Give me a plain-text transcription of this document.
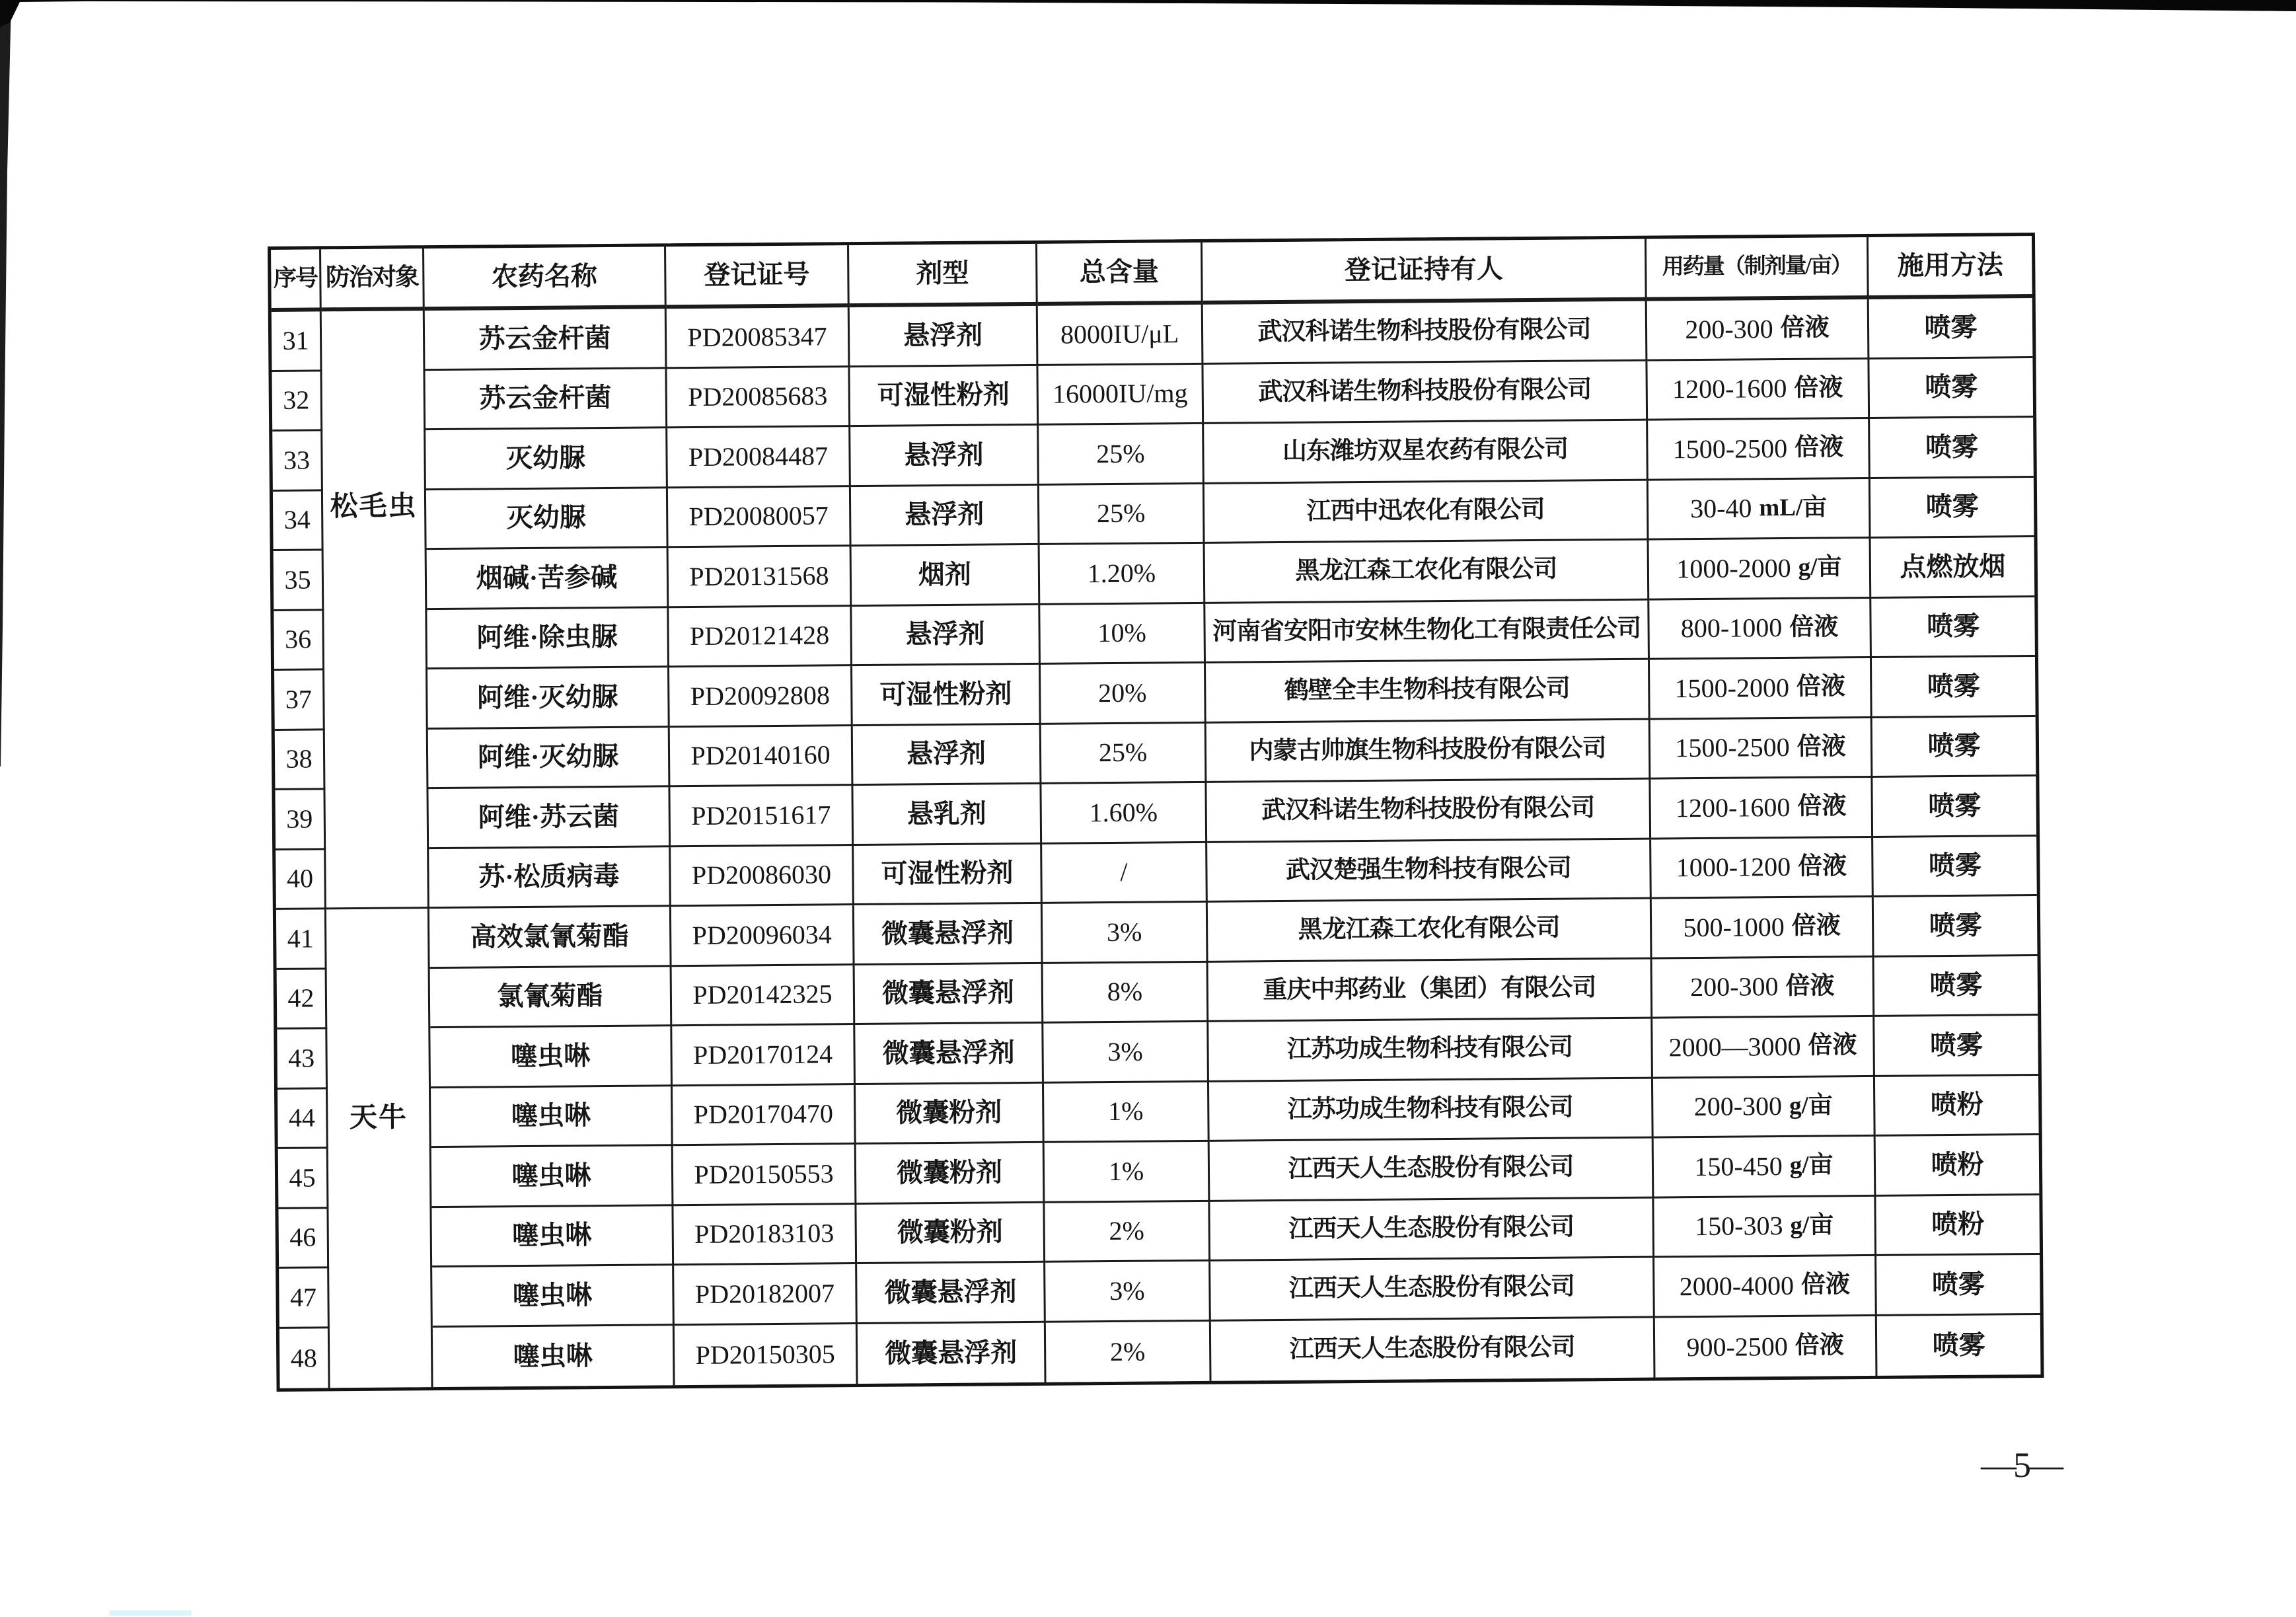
序号 防治对象	农药名称	登记证号	剂型	总含量	登记证持有人	用药量（制剂量/亩）	施用方法
松毛虫
31	苏云金杆菌	PD20085347	悬浮剂	8000IU/μL	武汉科诺生物科技股份有限公司	200-300 倍液	喷雾
32	苏云金杆菌	PD20085683	可湿性粉剂	16000IU/mg	武汉科诺生物科技股份有限公司	1200-1600 倍液	喷雾
33	灭幼脲	PD20084487	悬浮剂	25%	山东潍坊双星农药有限公司	1500-2500 倍液	喷雾
34	灭幼脲	PD20080057	悬浮剂	25%	江西中迅农化有限公司	30-40 mL/亩	喷雾
35	烟碱·苦参碱	PD20131568	烟剂	1.20%	黑龙江森工农化有限公司	1000-2000 g/亩	点燃放烟
36	阿维·除虫脲	PD20121428	悬浮剂	10%	河南省安阳市安林生物化工有限责任公司	800-1000 倍液	喷雾
37	阿维·灭幼脲	PD20092808	可湿性粉剂	20%	鹤壁全丰生物科技有限公司	1500-2000 倍液	喷雾
38	阿维·灭幼脲	PD20140160	悬浮剂	25%	内蒙古帅旗生物科技股份有限公司	1500-2500 倍液	喷雾
39	阿维·苏云菌	PD20151617	悬乳剂	1.60%	武汉科诺生物科技股份有限公司	1200-1600 倍液	喷雾
40	苏·松质病毒	PD20086030	可湿性粉剂	/	武汉楚强生物科技有限公司	1000-1200 倍液	喷雾
天牛
41	高效氯氰菊酯	PD20096034	微囊悬浮剂	3%	黑龙江森工农化有限公司	500-1000 倍液	喷雾
42	氯氰菊酯	PD20142325	微囊悬浮剂	8%	重庆中邦药业（集团）有限公司	200-300 倍液	喷雾
43	噻虫啉	PD20170124	微囊悬浮剂	3%	江苏功成生物科技有限公司	2000—3000 倍液	喷雾
44	噻虫啉	PD20170470	微囊粉剂	1%	江苏功成生物科技有限公司	200-300 g/亩	喷粉
45	噻虫啉	PD20150553	微囊粉剂	1%	江西天人生态股份有限公司	150-450 g/亩	喷粉
46	噻虫啉	PD20183103	微囊粉剂	2%	江西天人生态股份有限公司	150-303 g/亩	喷粉
47	噻虫啉	PD20182007	微囊悬浮剂	3%	江西天人生态股份有限公司	2000-4000 倍液	喷雾
48	噻虫啉	PD20150305	微囊悬浮剂	2%	江西天人生态股份有限公司	900-2500 倍液	喷雾
—5—
